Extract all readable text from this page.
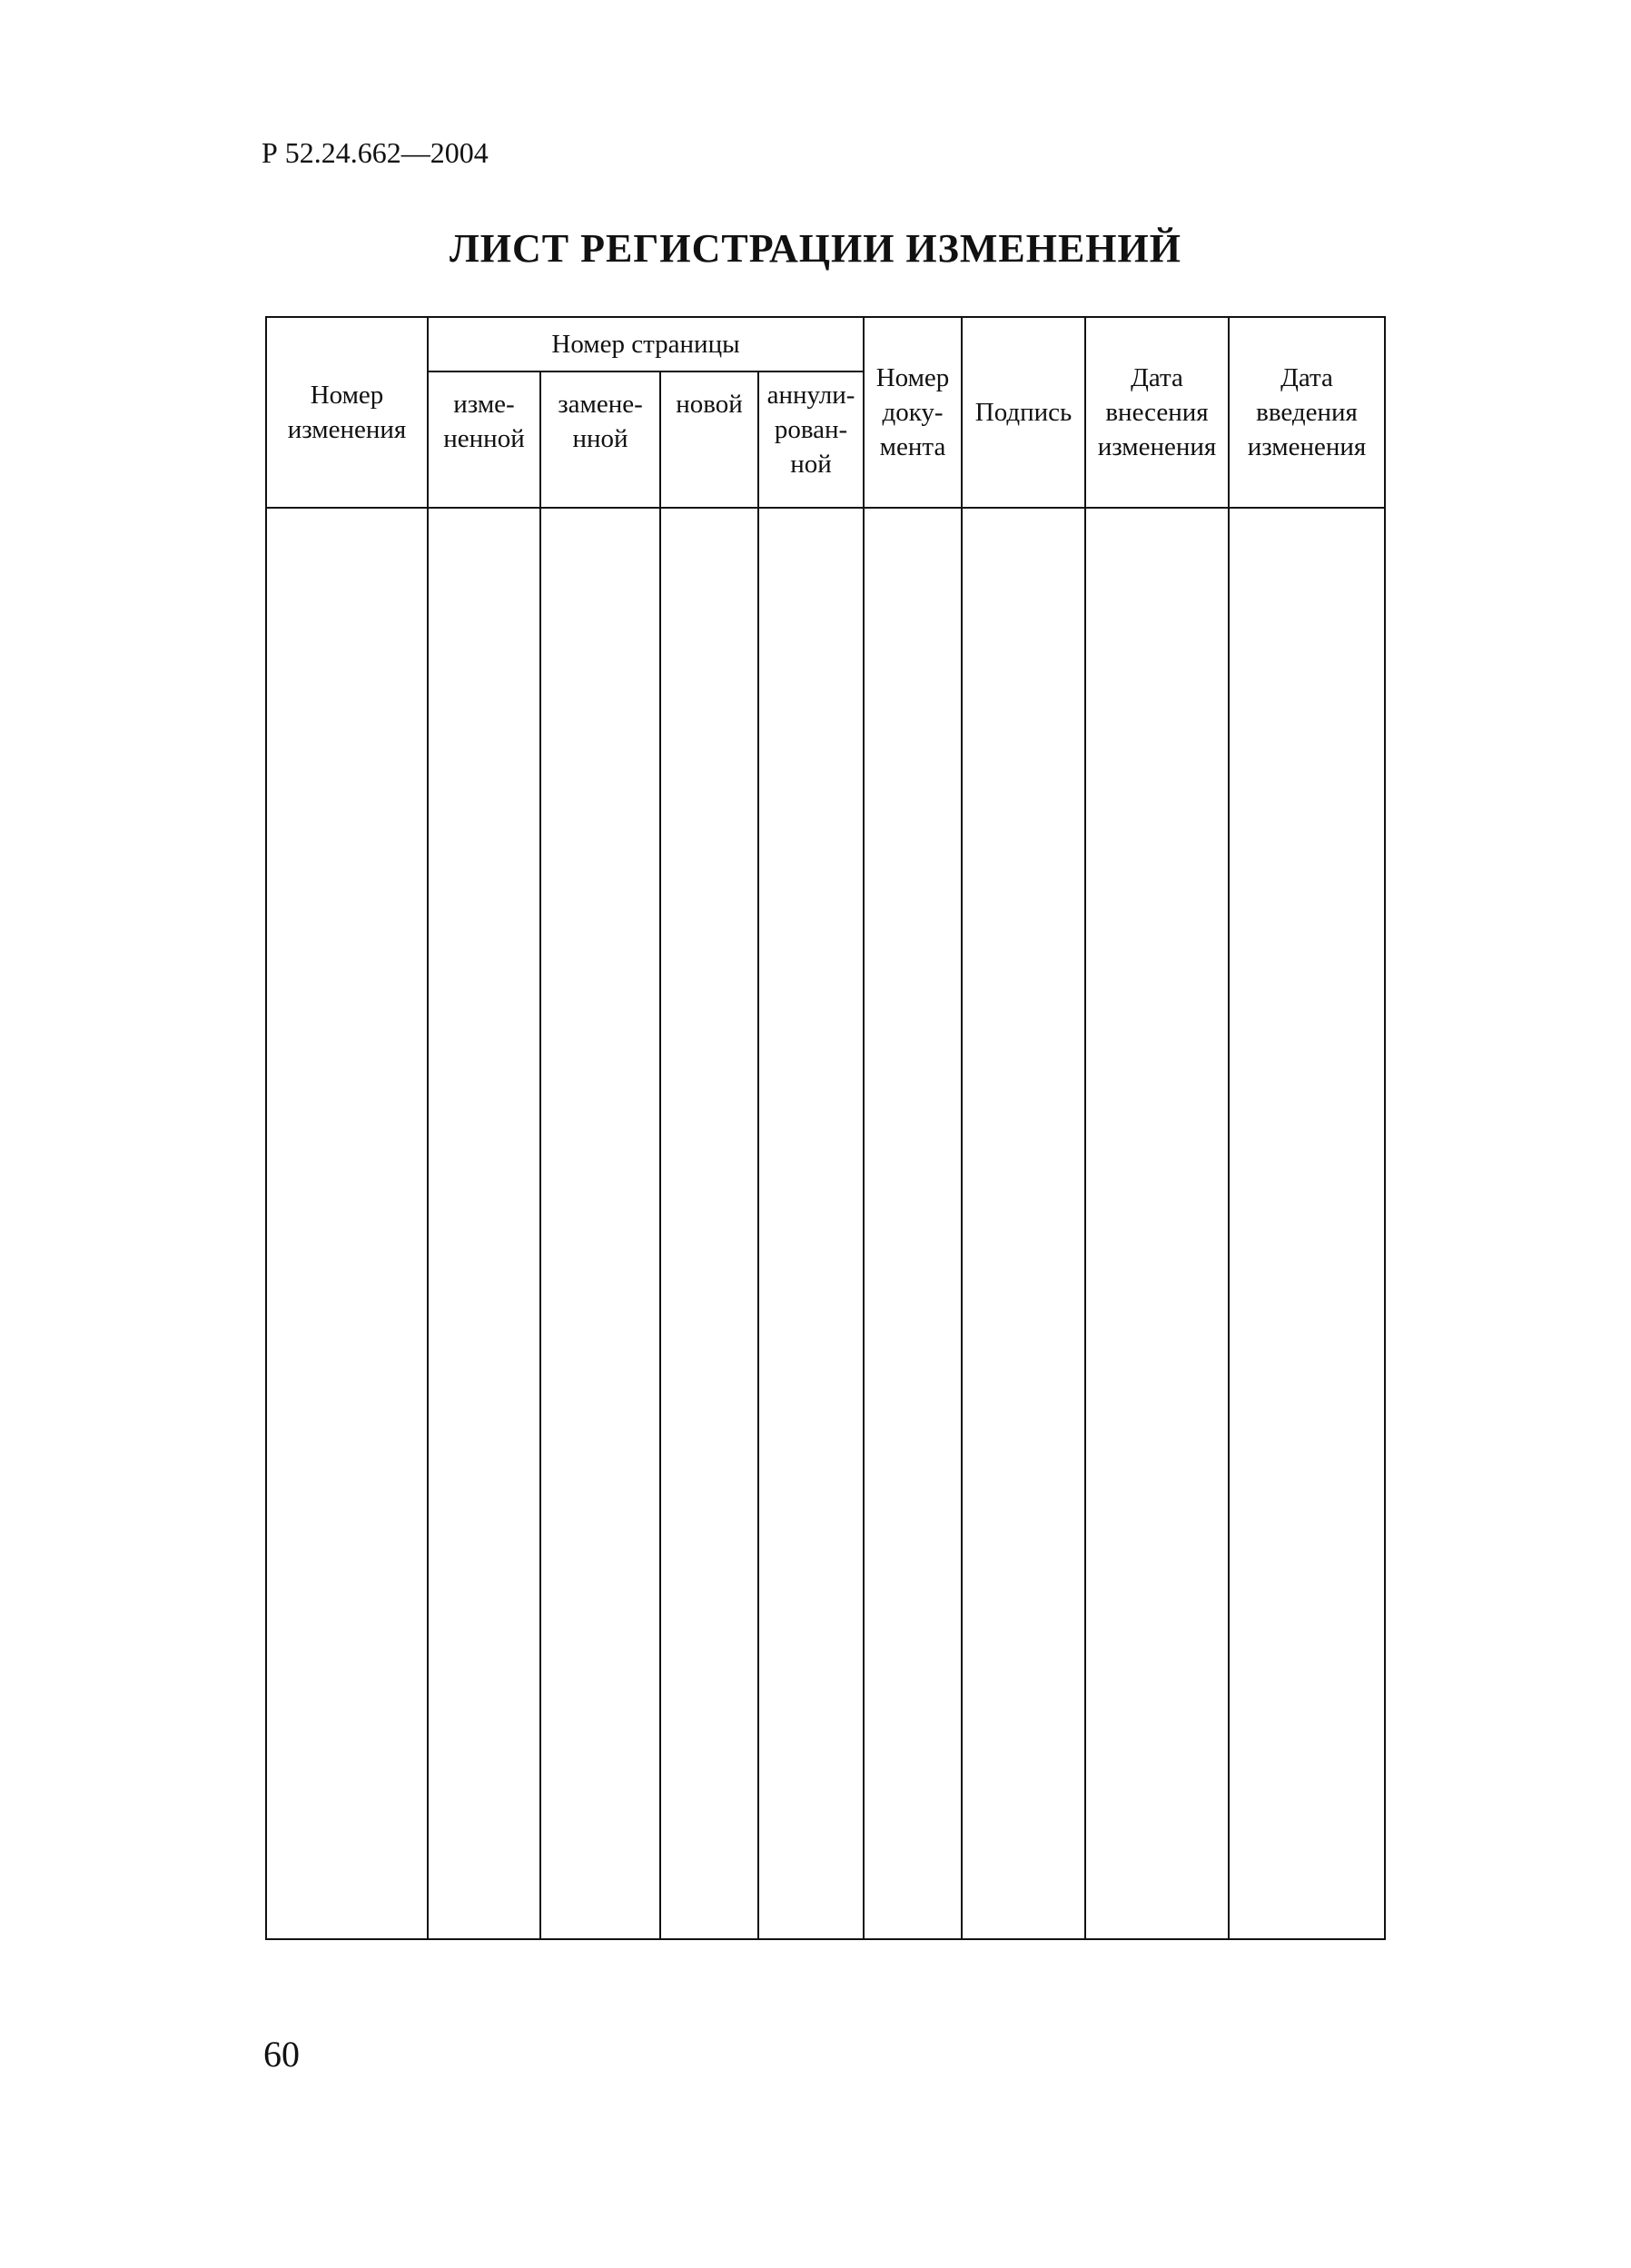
Р 52.24.662—2004
ЛИСТ РЕГИСТРАЦИИ ИЗМЕНЕНИЙ
Номер изменения	Номер страницы				Номер доку-мента	Подпись	Дата внесения изменения	Дата введения изменения
	изме-ненной	замене-нной	новой	аннули-рован-ной				

60
